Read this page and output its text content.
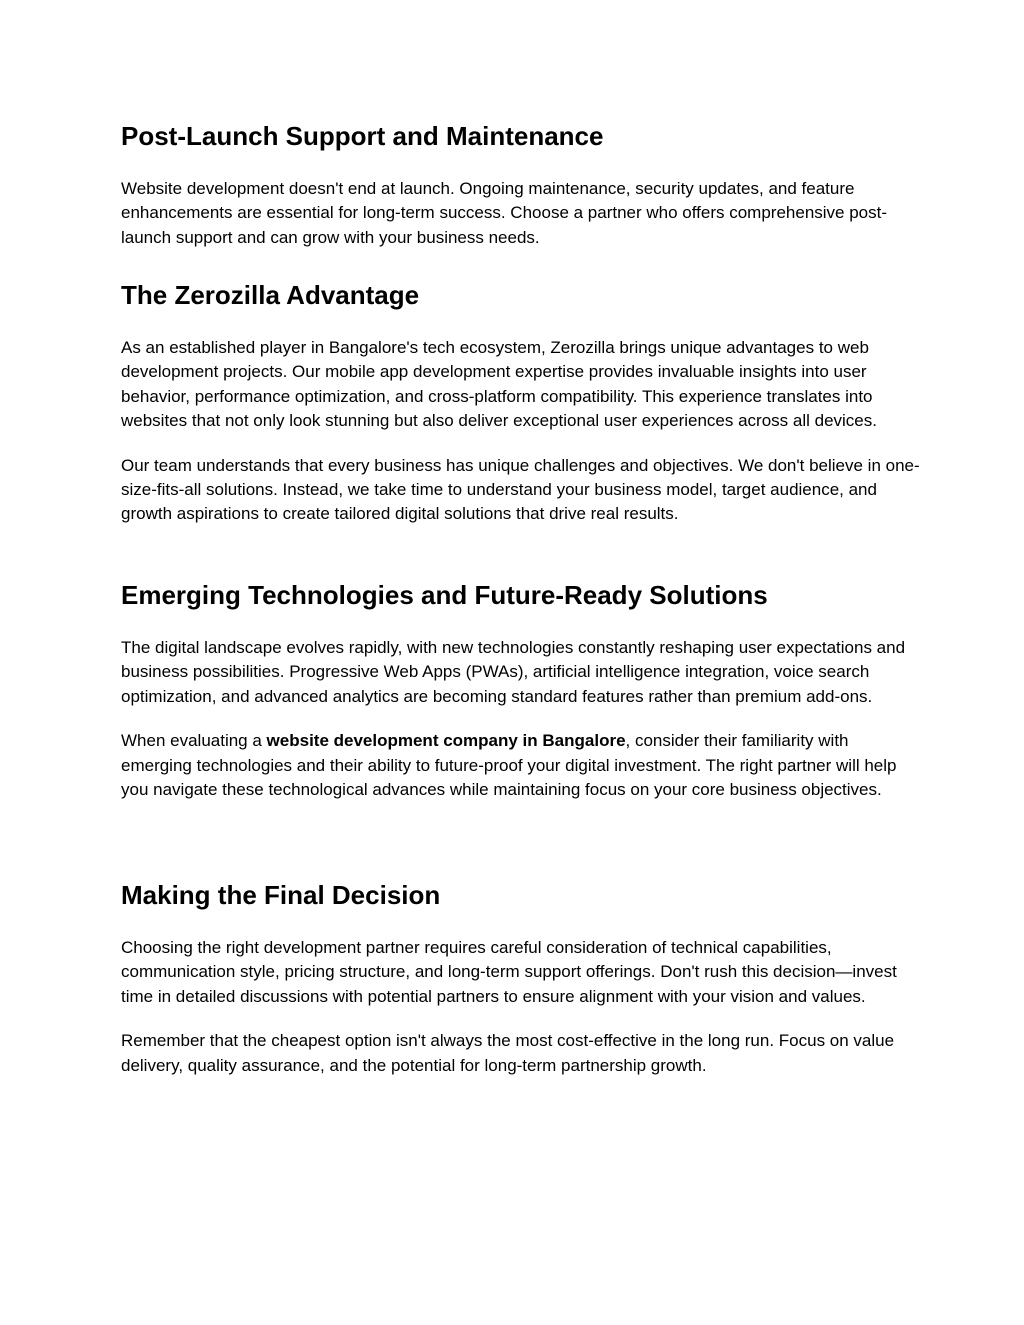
Post-Launch Support and Maintenance

Website development doesn't end at launch. Ongoing maintenance, security updates, and feature enhancements are essential for long-term success. Choose a partner who offers comprehensive post-launch support and can grow with your business needs.

The Zerozilla Advantage

As an established player in Bangalore's tech ecosystem, Zerozilla brings unique advantages to web development projects. Our mobile app development expertise provides invaluable insights into user behavior, performance optimization, and cross-platform compatibility. This experience translates into websites that not only look stunning but also deliver exceptional user experiences across all devices.

Our team understands that every business has unique challenges and objectives. We don't believe in one-size-fits-all solutions. Instead, we take time to understand your business model, target audience, and growth aspirations to create tailored digital solutions that drive real results.

Emerging Technologies and Future-Ready Solutions

The digital landscape evolves rapidly, with new technologies constantly reshaping user expectations and business possibilities. Progressive Web Apps (PWAs), artificial intelligence integration, voice search optimization, and advanced analytics are becoming standard features rather than premium add-ons.

When evaluating a website development company in Bangalore, consider their familiarity with emerging technologies and their ability to future-proof your digital investment. The right partner will help you navigate these technological advances while maintaining focus on your core business objectives.

Making the Final Decision

Choosing the right development partner requires careful consideration of technical capabilities, communication style, pricing structure, and long-term support offerings. Don't rush this decision—invest time in detailed discussions with potential partners to ensure alignment with your vision and values.

Remember that the cheapest option isn't always the most cost-effective in the long run. Focus on value delivery, quality assurance, and the potential for long-term partnership growth.
